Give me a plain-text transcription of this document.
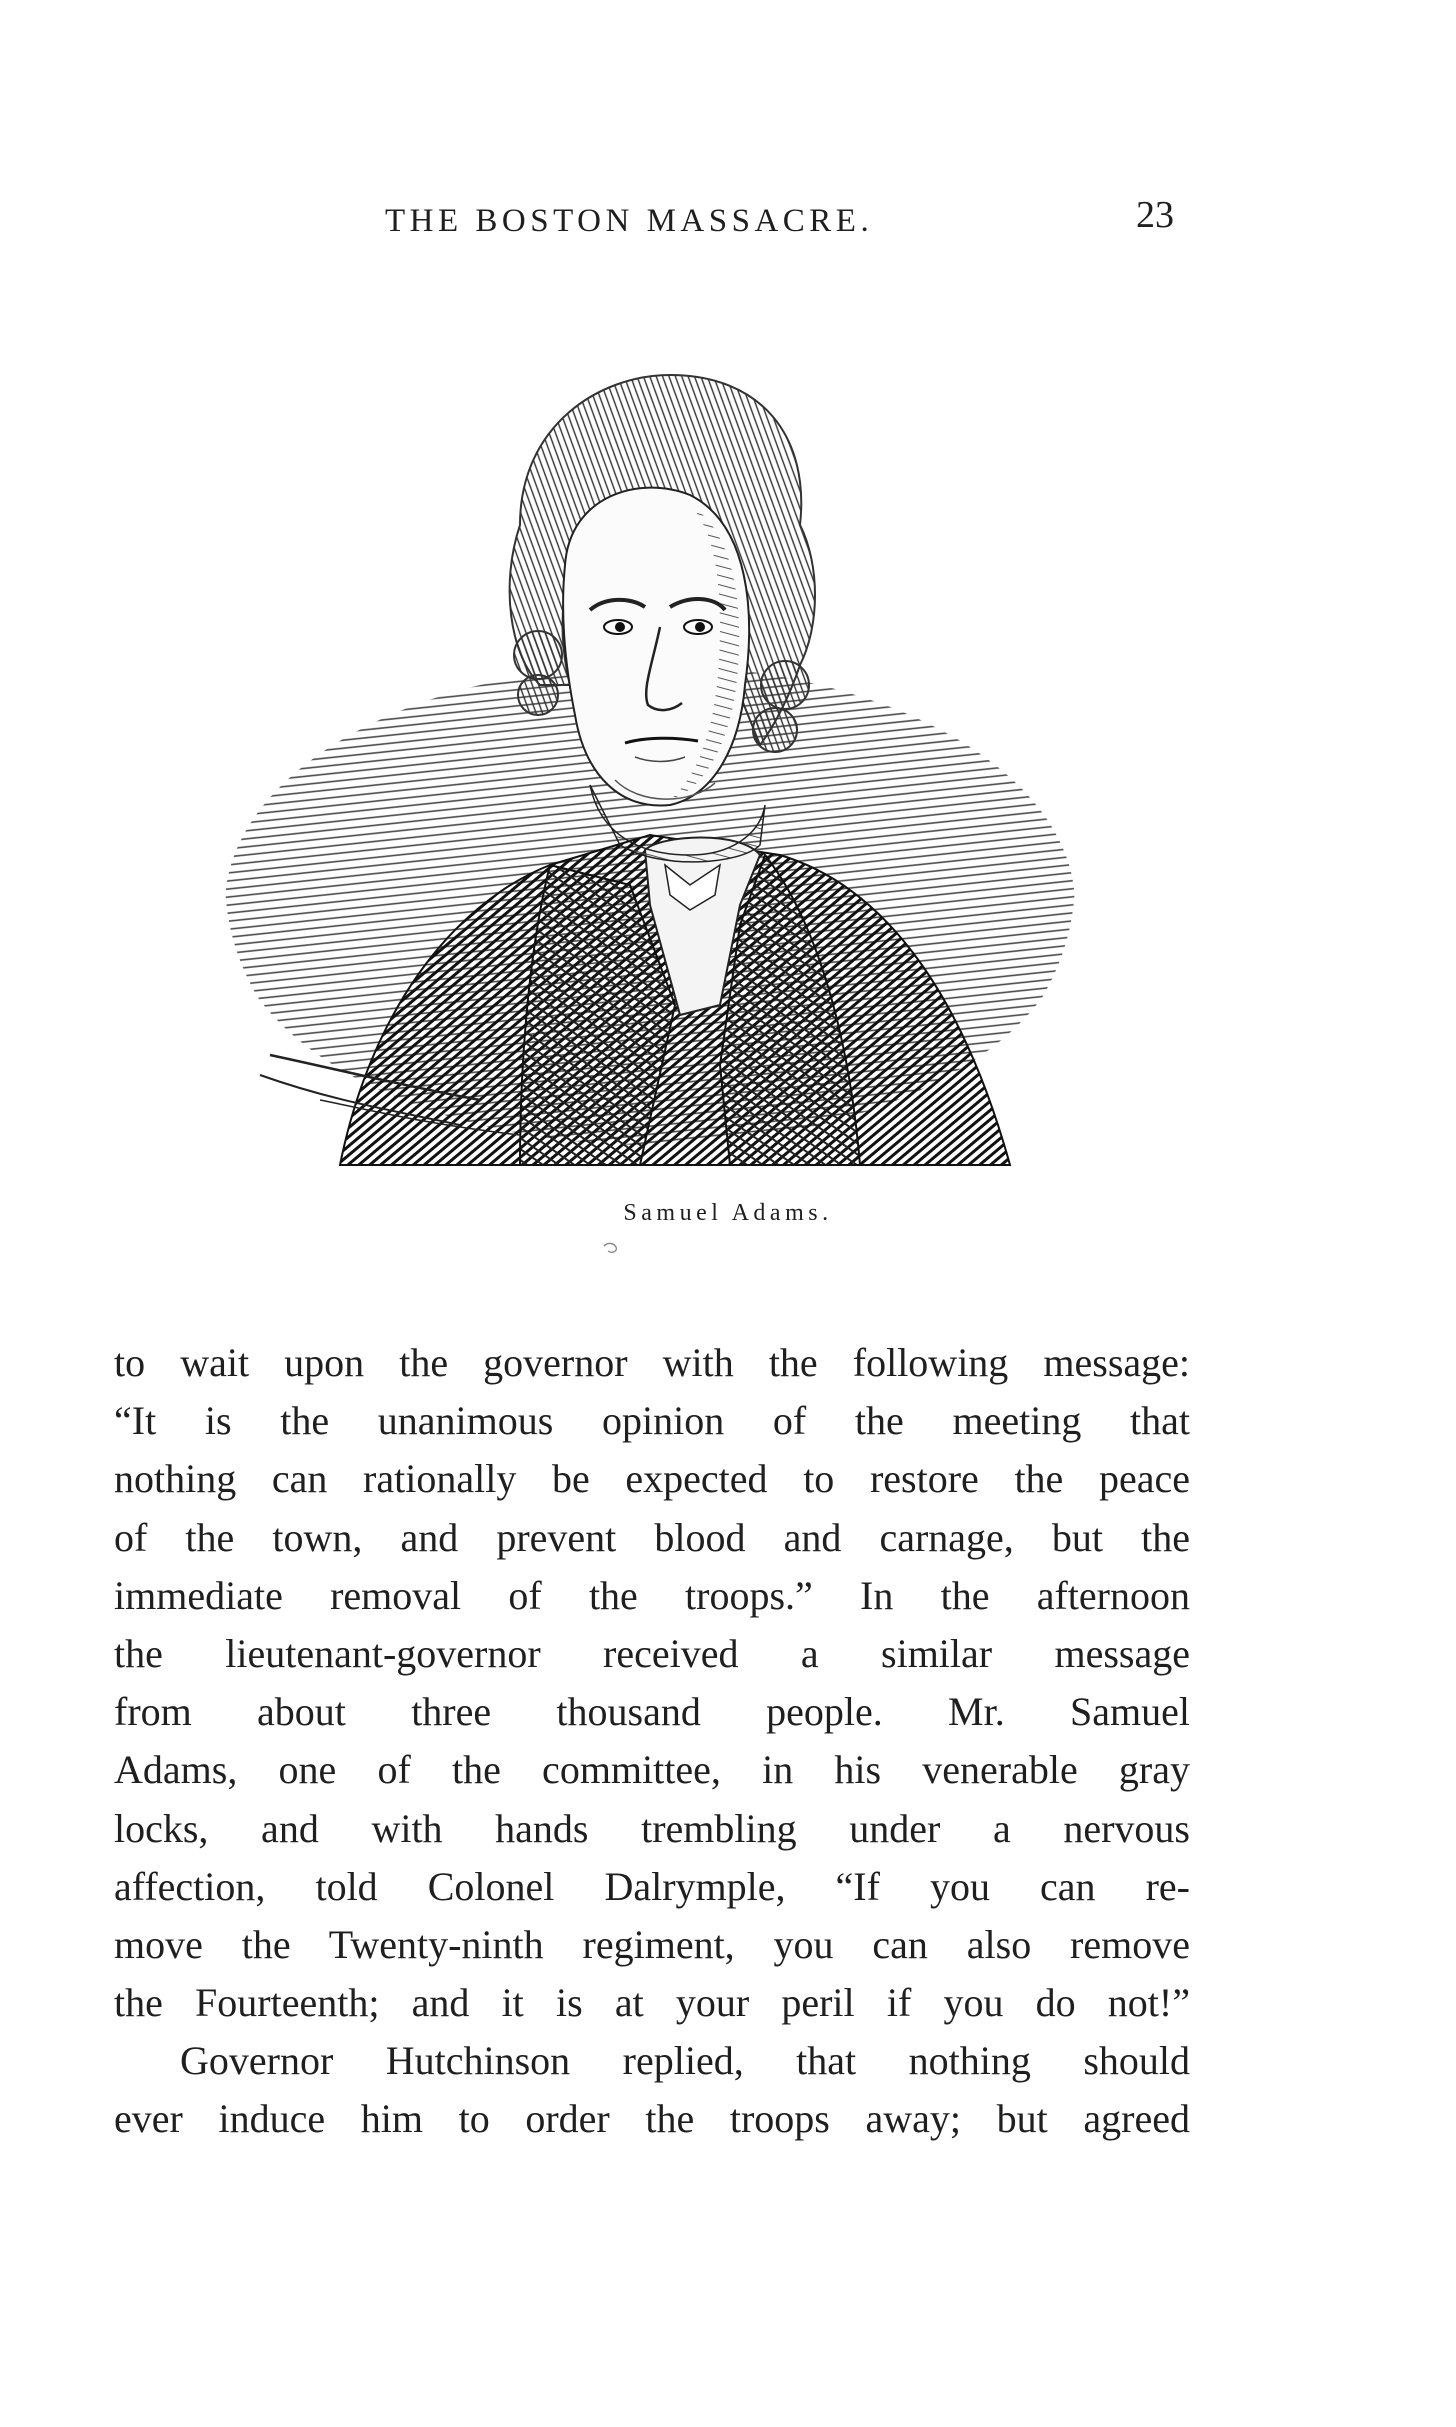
THE BOSTON MASSACRE.	23
Samuel Adams.
to wait upon the governor with the following message:
“It is the unanimous opinion of the meeting that
nothing can rationally be expected to restore the peace
of the town, and prevent blood and carnage, but the
immediate removal of the troops.” In the afternoon
the lieutenant-governor received a similar message
from about three thousand people. Mr. Samuel
Adams, one of the committee, in his venerable gray
locks, and with hands trembling under a nervous
affection, told Colonel Dalrymple, “If you can re-
move the Twenty-ninth regiment, you can also remove
the Fourteenth; and it is at your peril if you do not!”
Governor Hutchinson replied, that nothing should
ever induce him to order the troops away; but agreed
